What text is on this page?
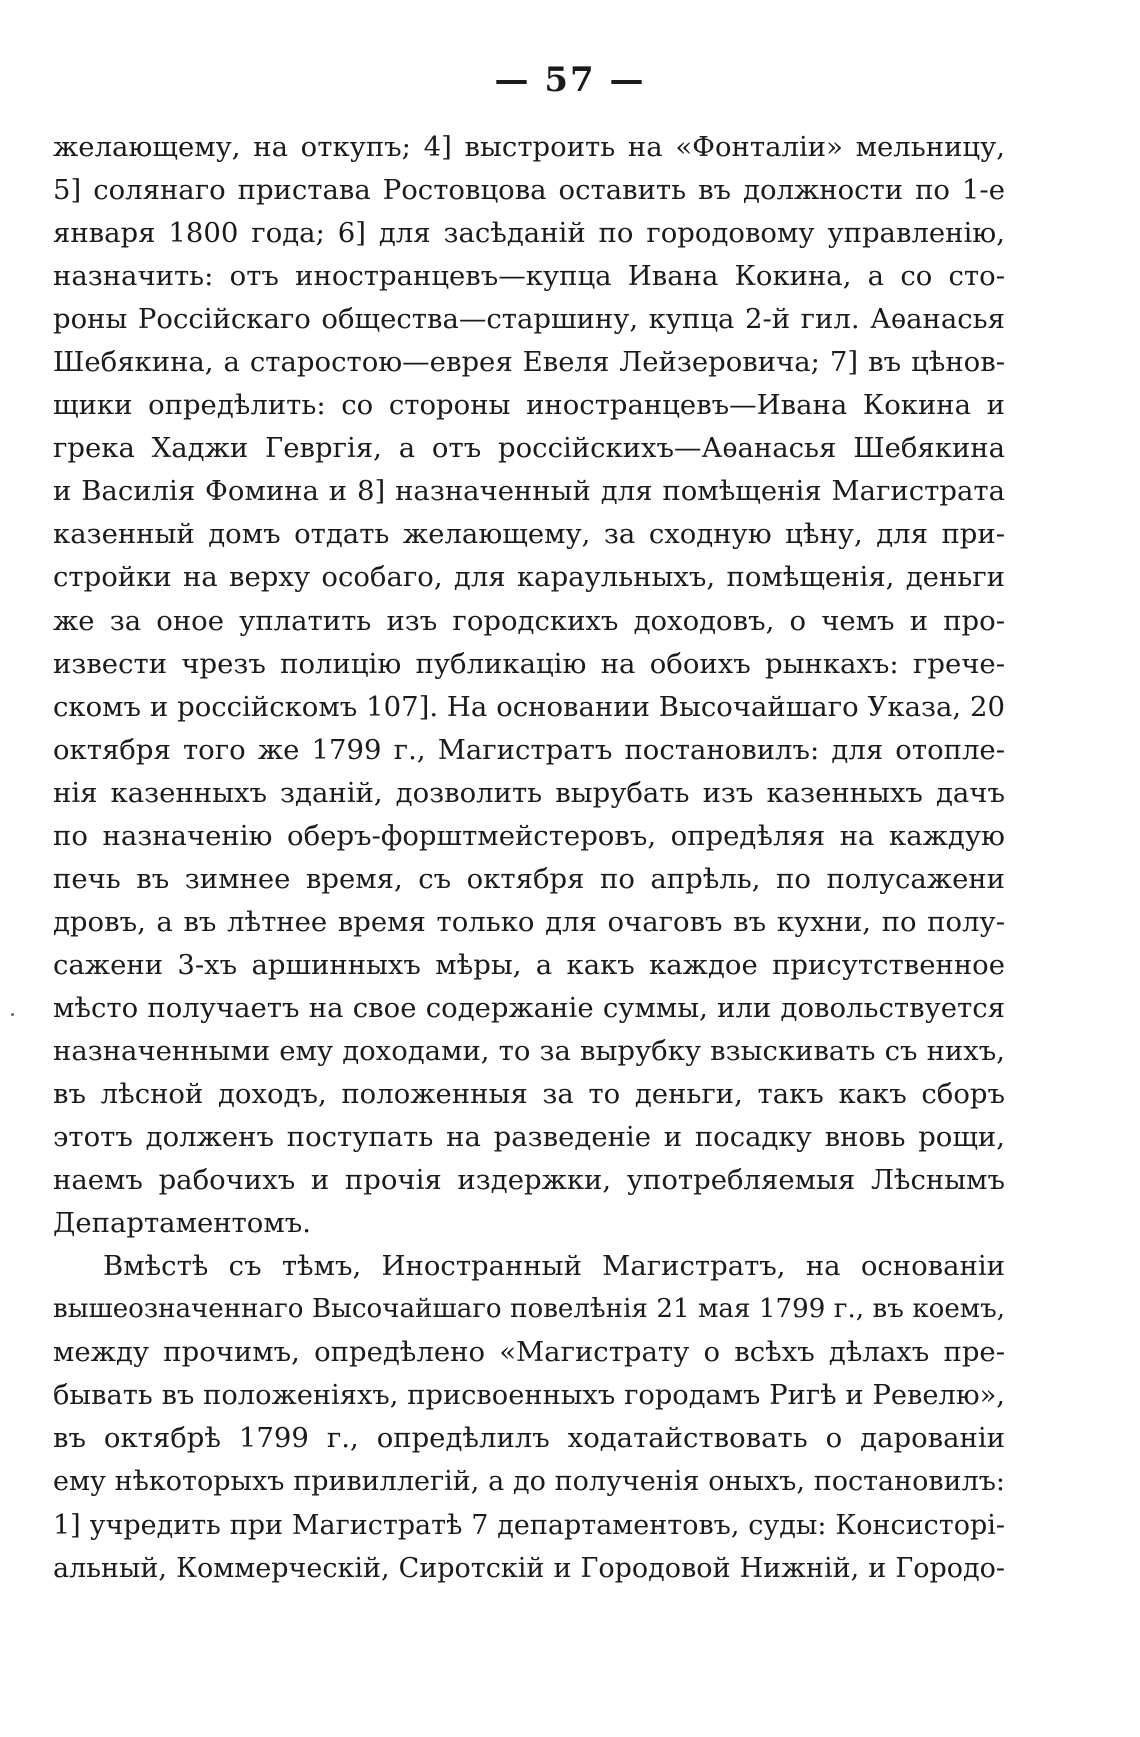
— 57 —
желающему, на откупъ; 4] выстроить на «Фонталіи» мельницу,
5] солянаго пристава Ростовцова оставить въ должности по 1-е
января 1800 года; 6] для засѣданій по городовому управленію,
назначить: отъ иностранцевъ—купца Ивана Кокина, а со сто-
роны Россійскаго общества—старшину, купца 2-й гил. Аѳанасья
Шебякина, а старостою—еврея Евеля Лейзеровича; 7] въ цѣнов-
щики опредѣлить: со стороны иностранцевъ—Ивана Кокина и
грека Хаджи Гевргія, а отъ россійскихъ—Аѳанасья Шебякина
и Василія Фомина и 8] назначенный для помѣщенія Магистрата
казенный домъ отдать желающему, за сходную цѣну, для при-
стройки на верху особаго, для караульныхъ, помѣщенія, деньги
же за оное уплатить изъ городскихъ доходовъ, о чемъ и про-
извести чрезъ полицію публикацію на обоихъ рынкахъ: грече-
скомъ и россійскомъ 107]. На основании Высочайшаго Указа, 20
октября того же 1799 г., Магистратъ постановилъ: для отопле-
нія казенныхъ зданій, дозволить вырубать изъ казенныхъ дачъ
по назначенію оберъ-форштмейстеровъ, опредѣляя на каждую
печь въ зимнее время, съ октября по апрѣль, по полусажени
дровъ, а въ лѣтнее время только для очаговъ въ кухни, по полу-
сажени 3-хъ аршинныхъ мѣры, а какъ каждое присутственное
мѣсто получаетъ на свое содержаніе суммы, или довольствуется
назначенными ему доходами, то за вырубку взыскивать съ нихъ,
въ лѣсной доходъ, положенныя за то деньги, такъ какъ сборъ
этотъ долженъ поступать на разведеніе и посадку вновь рощи,
наемъ рабочихъ и прочія издержки, употребляемыя Лѣснымъ
Департаментомъ.
Вмѣстѣ съ тѣмъ, Иностранный Магистратъ, на основаніи
вышеозначеннаго Высочайшаго повелѣнія 21 мая 1799 г., въ коемъ,
между прочимъ, опредѣлено «Магистрату о всѣхъ дѣлахъ пре-
бывать въ положеніяхъ, присвоенныхъ городамъ Ригѣ и Ревелю»,
въ октябрѣ 1799 г., опредѣлилъ ходатайствовать о дарованіи
ему нѣкоторыхъ привиллегій, а до полученія оныхъ, постановилъ:
1] учредить при Магистратѣ 7 департаментовъ, суды: Консисторі-
альный, Коммерческій, Сиротскій и Городовой Нижній, и Городо-
